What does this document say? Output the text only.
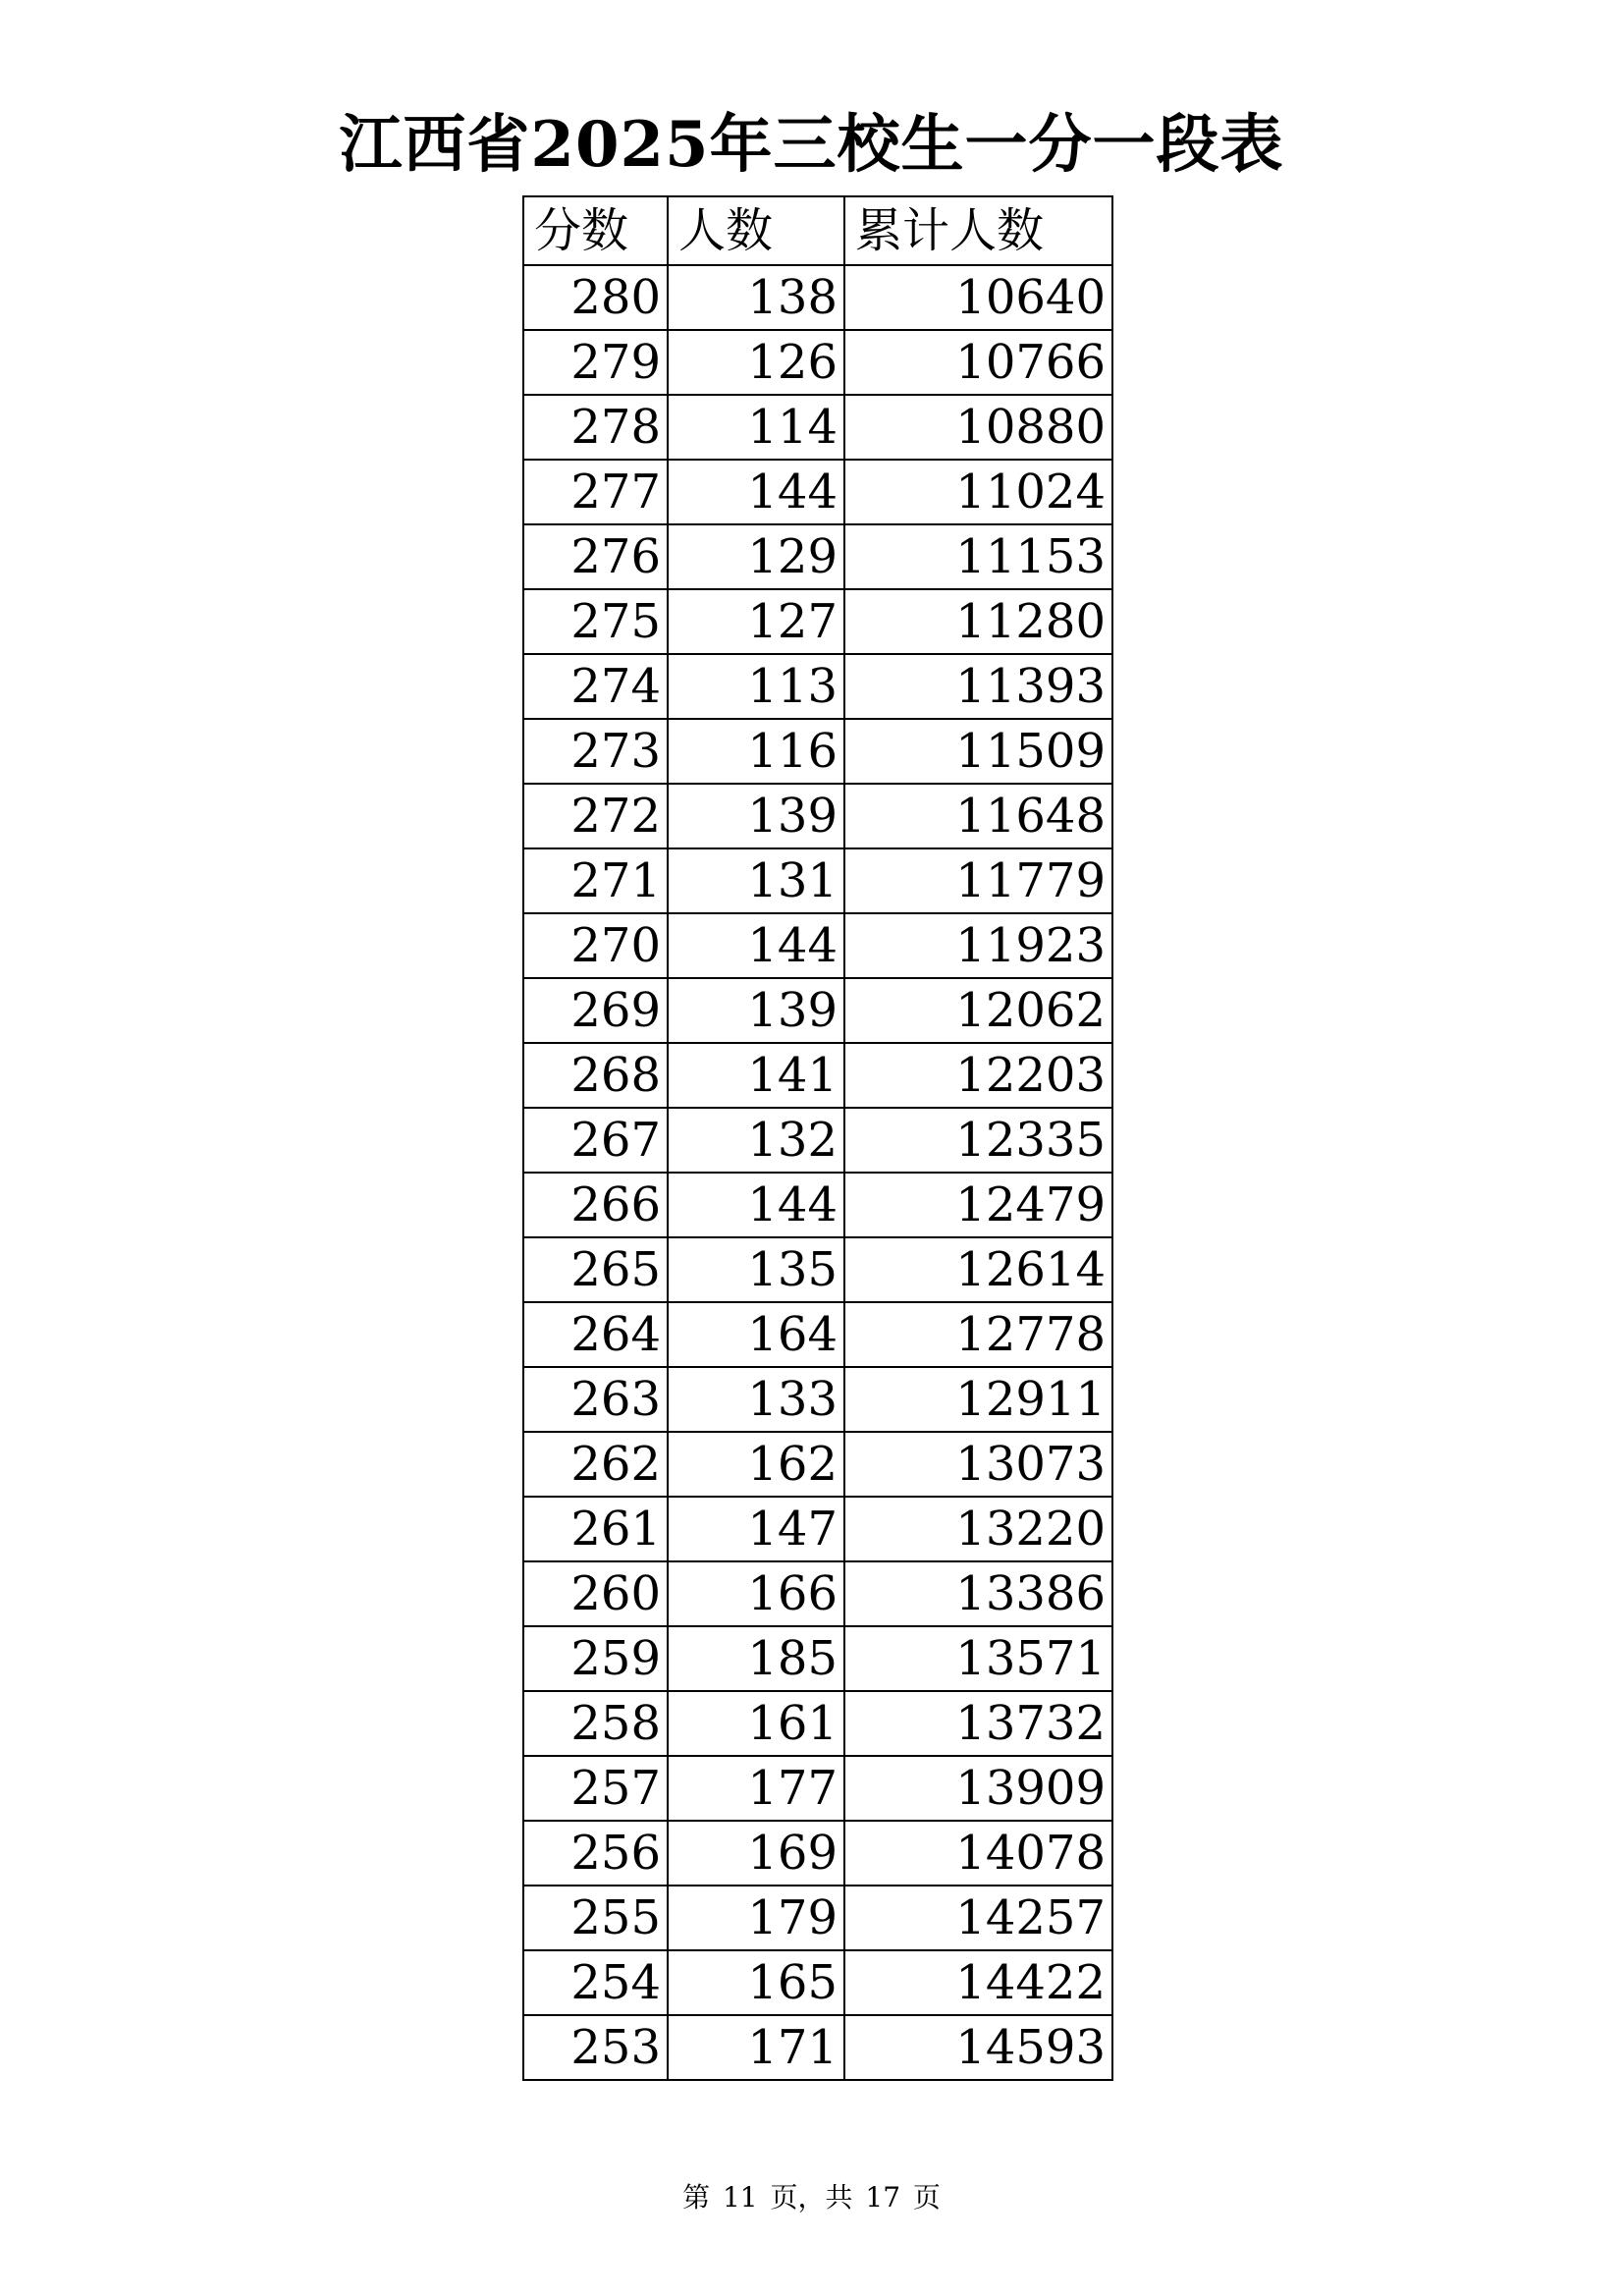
江西省2025年三校生一分一段表
分数	人数	累计人数
280	138	10640
279	126	10766
278	114	10880
277	144	11024
276	129	11153
275	127	11280
274	113	11393
273	116	11509
272	139	11648
271	131	11779
270	144	11923
269	139	12062
268	141	12203
267	132	12335
266	144	12479
265	135	12614
264	164	12778
263	133	12911
262	162	13073
261	147	13220
260	166	13386
259	185	13571
258	161	13732
257	177	13909
256	169	14078
255	179	14257
254	165	14422
253	171	14593
第 11 页，共 17 页
